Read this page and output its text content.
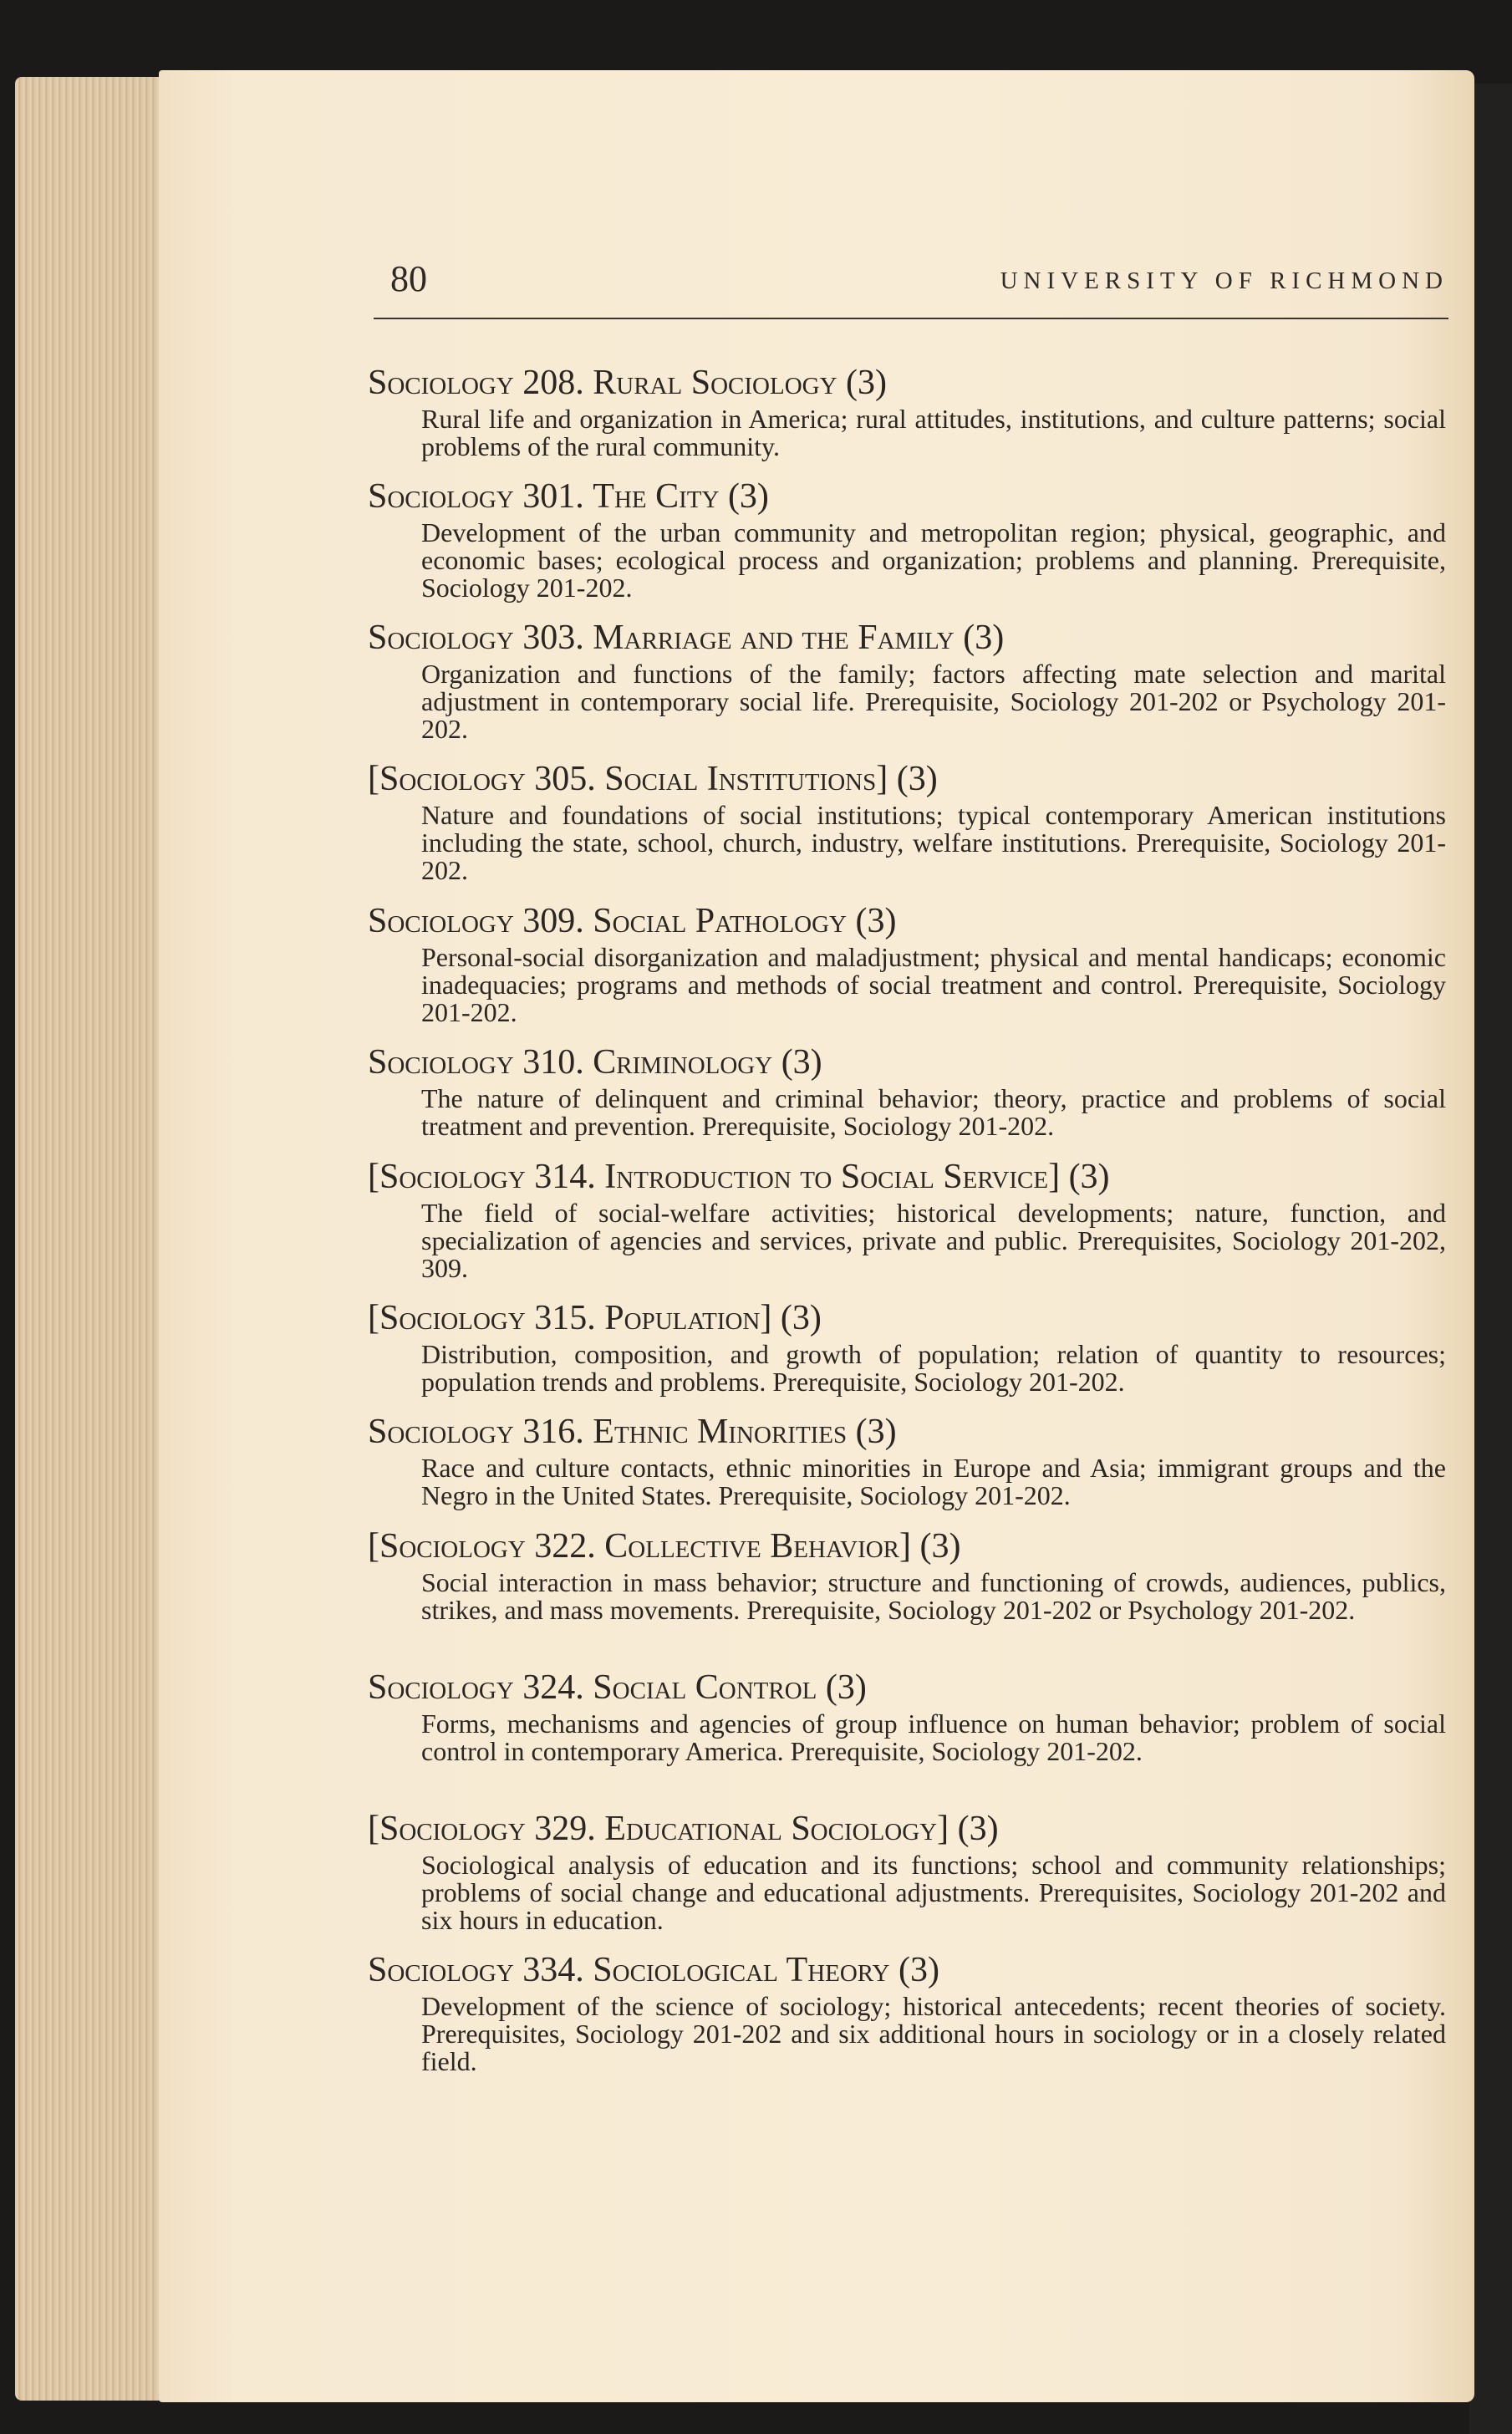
80	UNIVERSITY OF RICHMOND
Sociology 208. Rural Sociology (3)
Rural life and organization in America; rural attitudes, institutions, and culture patterns; social problems of the rural community.
Sociology 301. The City (3)
Development of the urban community and metropolitan region; physical, geographic, and economic bases; ecological process and organization; problems and planning. Prerequisite, Sociology 201-202.
Sociology 303. Marriage and the Family (3)
Organization and functions of the family; factors affecting mate selection and marital adjustment in contemporary social life. Prerequisite, Sociology 201-202 or Psychology 201-202.
[Sociology 305. Social Institutions] (3)
Nature and foundations of social institutions; typical contemporary American institutions including the state, school, church, industry, welfare institutions. Prerequisite, Sociology 201-202.
Sociology 309. Social Pathology (3)
Personal-social disorganization and maladjustment; physical and mental handicaps; economic inadequacies; programs and methods of social treatment and control. Prerequisite, Sociology 201-202.
Sociology 310. Criminology (3)
The nature of delinquent and criminal behavior; theory, practice and problems of social treatment and prevention. Prerequisite, Sociology 201-202.
[Sociology 314. Introduction to Social Service] (3)
The field of social-welfare activities; historical developments; nature, function, and specialization of agencies and services, private and public. Prerequisites, Sociology 201-202, 309.
[Sociology 315. Population] (3)
Distribution, composition, and growth of population; relation of quantity to resources; population trends and problems. Prerequisite, Sociology 201-202.
Sociology 316. Ethnic Minorities (3)
Race and culture contacts, ethnic minorities in Europe and Asia; immigrant groups and the Negro in the United States. Prerequisite, Sociology 201-202.
[Sociology 322. Collective Behavior] (3)
Social interaction in mass behavior; structure and functioning of crowds, audiences, publics, strikes, and mass movements. Prerequisite, Sociology 201-202 or Psychology 201-202.
Sociology 324. Social Control (3)
Forms, mechanisms and agencies of group influence on human behavior; problem of social control in contemporary America. Prerequisite, Sociology 201-202.
[Sociology 329. Educational Sociology] (3)
Sociological analysis of education and its functions; school and community relationships; problems of social change and educational adjustments. Prerequisites, Sociology 201-202 and six hours in education.
Sociology 334. Sociological Theory (3)
Development of the science of sociology; historical antecedents; recent theories of society. Prerequisites, Sociology 201-202 and six additional hours in sociology or in a closely related field.
